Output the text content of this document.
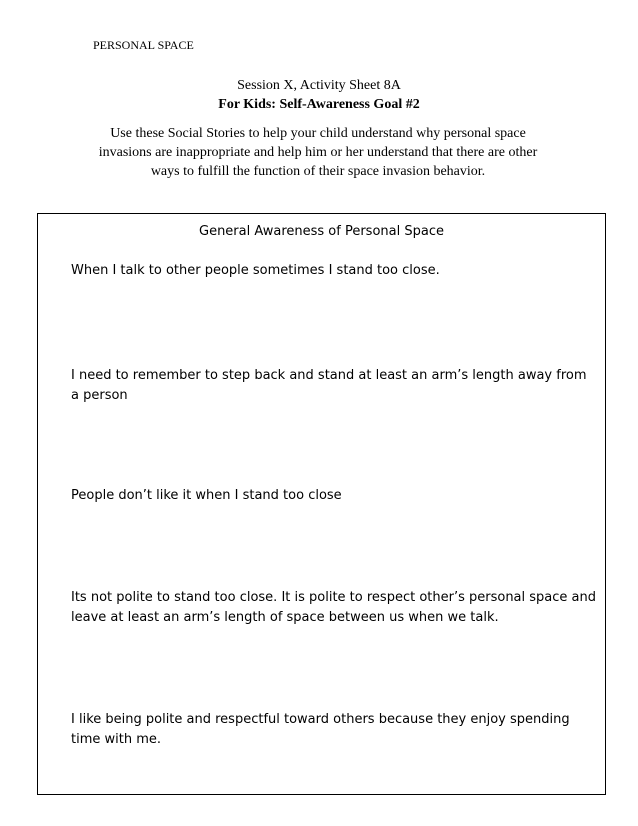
PERSONAL SPACE
Session X, Activity Sheet 8A
For Kids: Self-Awareness Goal #2
Use these Social Stories to help your child understand why personal space invasions are inappropriate and help him or her understand that there are other ways to fulfill the function of their space invasion behavior.
General Awareness of Personal Space
When I talk to other people sometimes I stand too close.
I need to remember to step back and stand at least an arm’s length away from a person
People don’t like it when I stand too close
Its not polite to stand too close. It is polite to respect other’s personal space and leave at least an arm’s length of space between us when we talk.
I like being polite and respectful toward others because they enjoy spending time with me.
